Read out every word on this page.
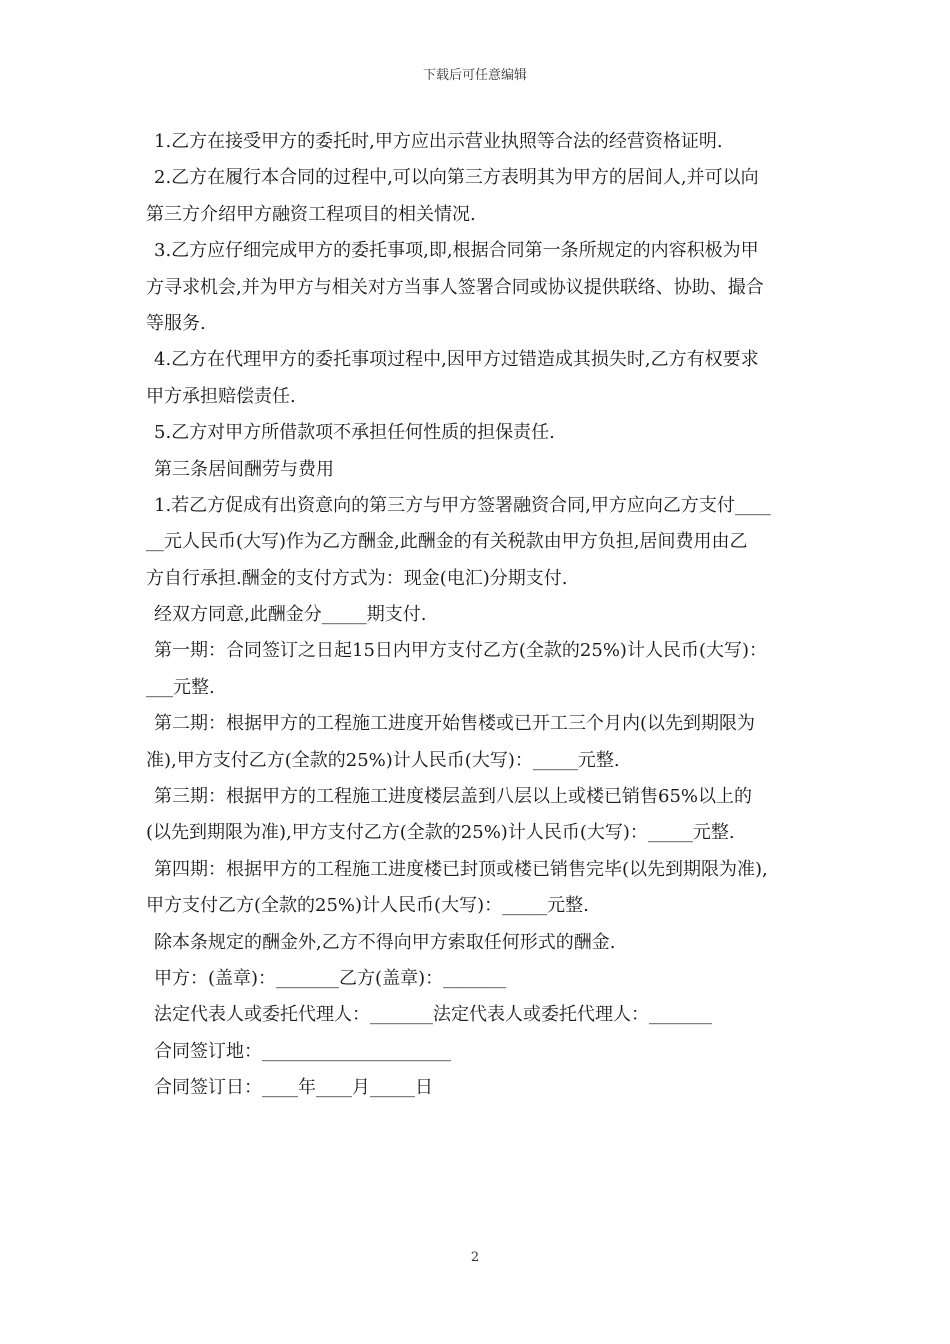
下载后可任意编辑
1.乙方在接受甲方的委托时,甲方应出示营业执照等合法的经营资格证明.
2.乙方在履行本合同的过程中,可以向第三方表明其为甲方的居间人,并可以向
第三方介绍甲方融资工程项目的相关情况.
3.乙方应仔细完成甲方的委托事项,即,根据合同第一条所规定的内容积极为甲
方寻求机会,并为甲方与相关对方当事人签署合同或协议提供联络、协助、撮合
等服务.
4.乙方在代理甲方的委托事项过程中,因甲方过错造成其损失时,乙方有权要求
甲方承担赔偿责任.
5.乙方对甲方所借款项不承担任何性质的担保责任.
第三条居间酬劳与费用
1.若乙方促成有出资意向的第三方与甲方签署融资合同,甲方应向乙方支付____
__元人民币(大写)作为乙方酬金,此酬金的有关税款由甲方负担,居间费用由乙
方自行承担.酬金的支付方式为：现金(电汇)分期支付.
经双方同意,此酬金分_____期支付.
第一期：合同签订之日起15日内甲方支付乙方(全款的25%)计人民币(大写)：
___元整.
第二期：根据甲方的工程施工进度开始售楼或已开工三个月内(以先到期限为
准),甲方支付乙方(全款的25%)计人民币(大写)：_____元整.
第三期：根据甲方的工程施工进度楼层盖到八层以上或楼已销售65%以上的
(以先到期限为准),甲方支付乙方(全款的25%)计人民币(大写)：_____元整.
第四期：根据甲方的工程施工进度楼已封顶或楼已销售完毕(以先到期限为准),
甲方支付乙方(全款的25%)计人民币(大写)：_____元整.
除本条规定的酬金外,乙方不得向甲方索取任何形式的酬金.
甲方：(盖章)：_______乙方(盖章)：_______
法定代表人或委托代理人：_______法定代表人或委托代理人：_______
合同签订地：_____________________
合同签订日：____年____月_____日
2
